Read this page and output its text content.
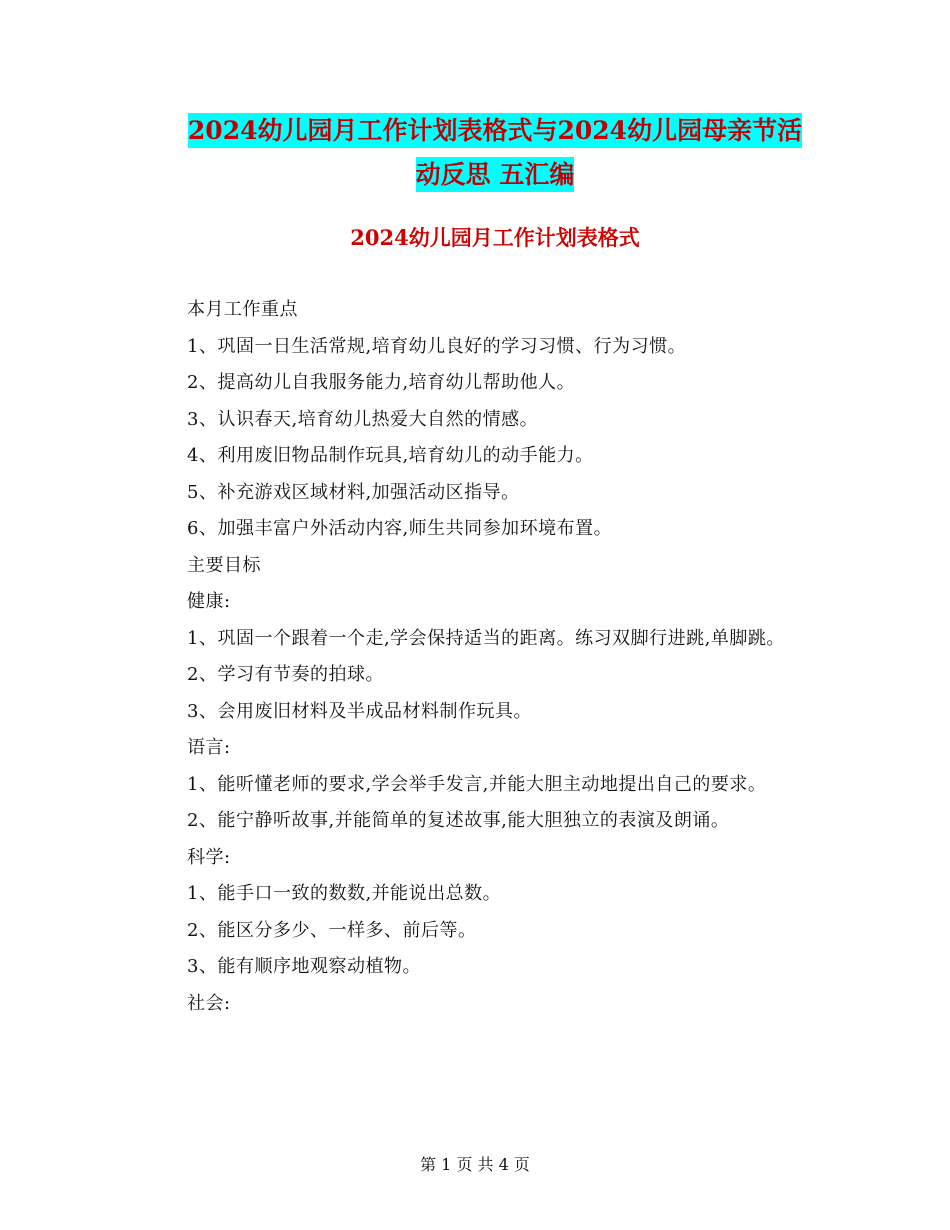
2024幼儿园月工作计划表格式与2024幼儿园母亲节活
动反思 五汇编
2024幼儿园月工作计划表格式

本月工作重点

1、巩固一日生活常规,培育幼儿良好的学习习惯、行为习惯。

2、提高幼儿自我服务能力,培育幼儿帮助他人。

3、认识春天,培育幼儿热爱大自然的情感。

4、利用废旧物品制作玩具,培育幼儿的动手能力。

5、补充游戏区域材料,加强活动区指导。

6、加强丰富户外活动内容,师生共同参加环境布置。

主要目标

健康:

1、巩固一个跟着一个走,学会保持适当的距离。练习双脚行进跳,单脚跳。

2、学习有节奏的拍球。

3、会用废旧材料及半成品材料制作玩具。

语言:

1、能听懂老师的要求,学会举手发言,并能大胆主动地提出自己的要求。

2、能宁静听故事,并能简单的复述故事,能大胆独立的表演及朗诵。

科学:

1、能手口一致的数数,并能说出总数。

2、能区分多少、一样多、前后等。

3、能有顺序地观察动植物。

社会:

第 1 页 共 4 页
